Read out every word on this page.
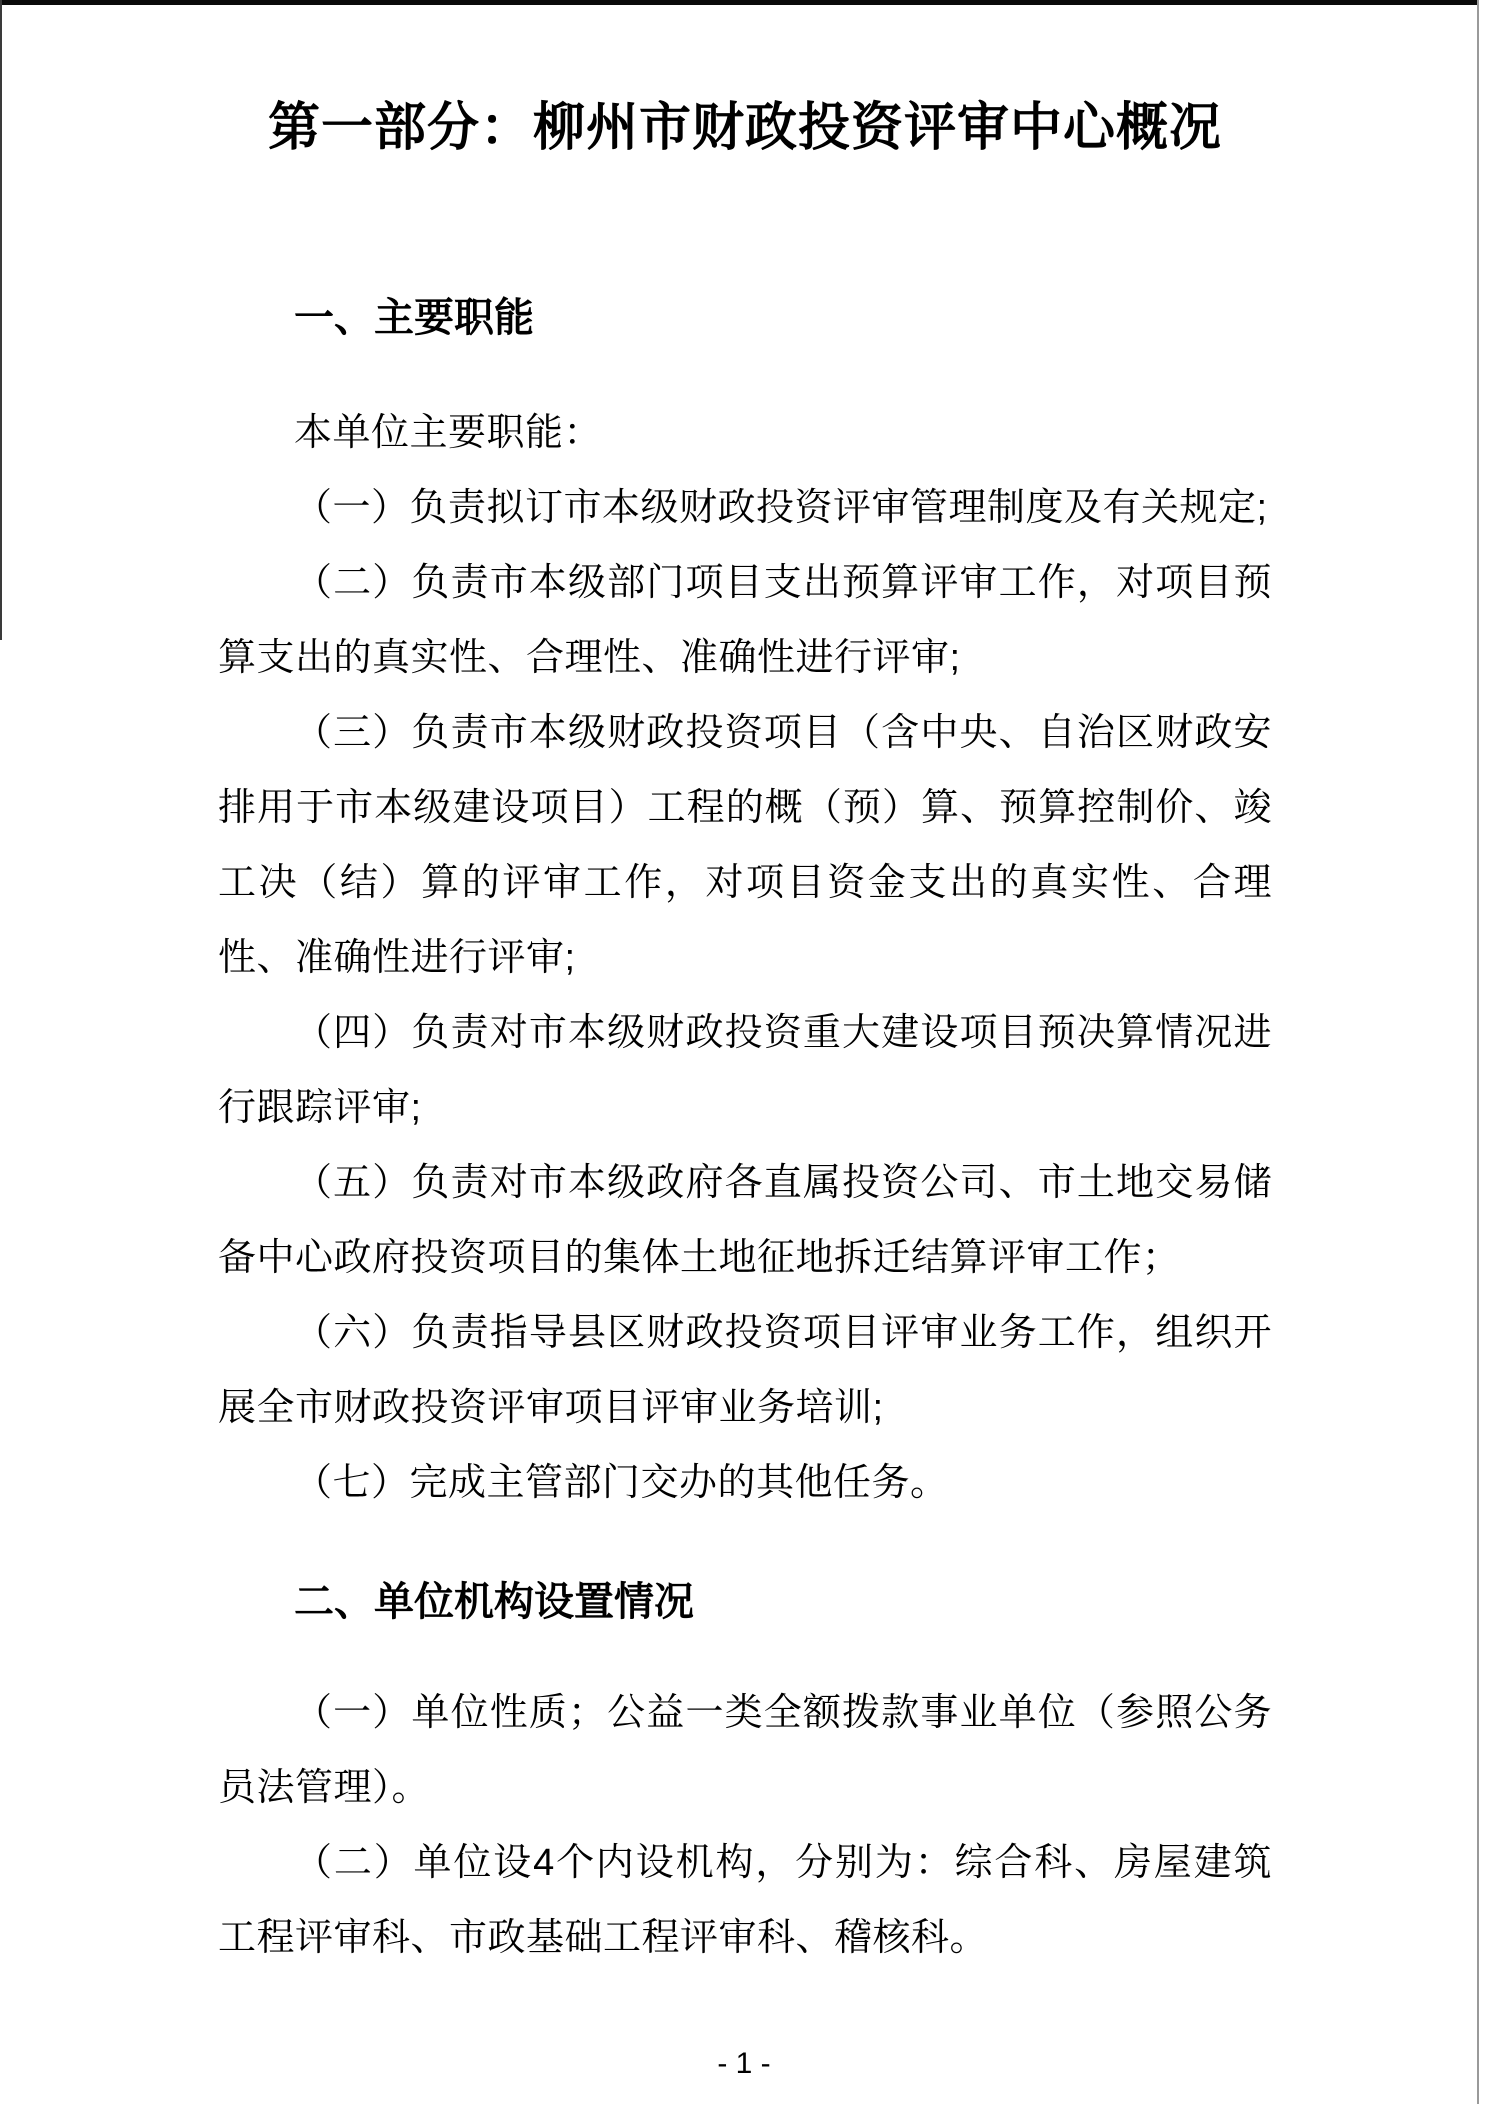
第一部分：柳州市财政投资评审中心概况
一、主要职能

本单位主要职能：

（一）负责拟订市本级财政投资评审管理制度及有关规定;

（二）负责市本级部门项目支出预算评审工作，对项目预算支出的真实性、合理性、准确性进行评审;

（三）负责市本级财政投资项目（含中央、自治区财政安排用于市本级建设项目）工程的概（预）算、预算控制价、竣工决（结）算的评审工作，对项目资金支出的真实性、合理性、准确性进行评审;

（四）负责对市本级财政投资重大建设项目预决算情况进行跟踪评审;

（五）负责对市本级政府各直属投资公司、市土地交易储备中心政府投资项目的集体土地征地拆迁结算评审工作；

（六）负责指导县区财政投资项目评审业务工作，组织开展全市财政投资评审项目评审业务培训;

（七）完成主管部门交办的其他任务。

二、单位机构设置情况

（一）单位性质；公益一类全额拨款事业单位（参照公务员法管理）。

（二）单位设4个内设机构，分别为：综合科、房屋建筑工程评审科、市政基础工程评审科、稽核科。

- 1 -
